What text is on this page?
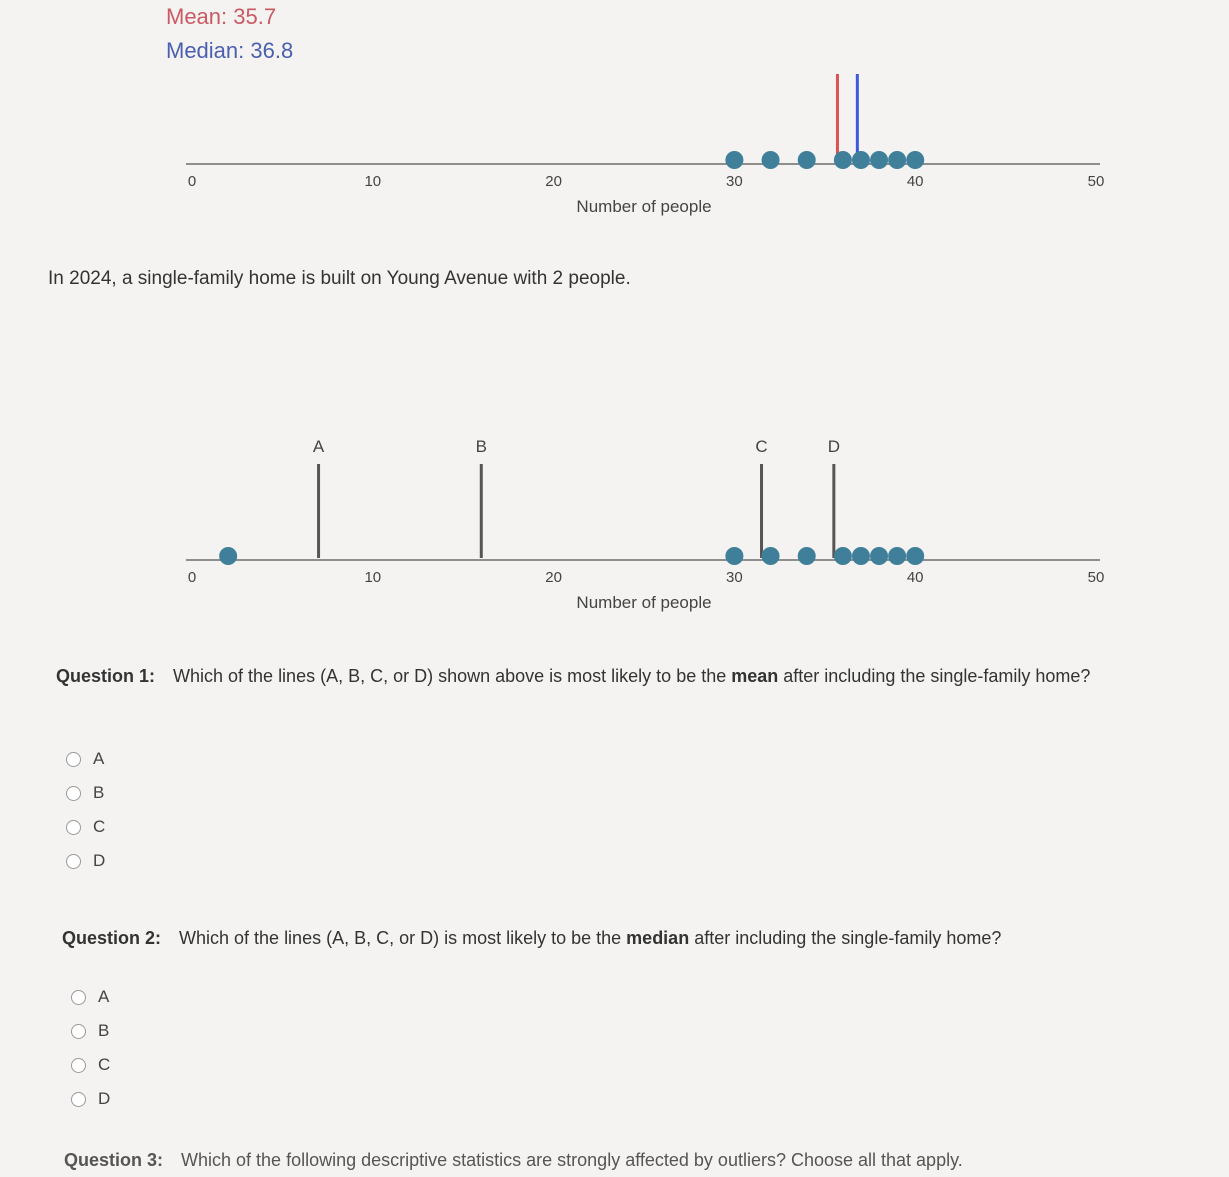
Mean: 35.7
Median: 36.8
0	10	20	30	40	50
Number of people
In 2024, a single-family home is built on Young Avenue with 2 people.
0	10	20	30	40	50
Number of people
A	B	C	D
Question 1: Which of the lines (A, B, C, or D) shown above is most likely to be the mean after including the single-family home?
A
B
C
D
Question 2: Which of the lines (A, B, C, or D) is most likely to be the median after including the single-family home?
A
B
C
D
Question 3: Which of the following descriptive statistics are strongly affected by outliers? Choose all that apply.
